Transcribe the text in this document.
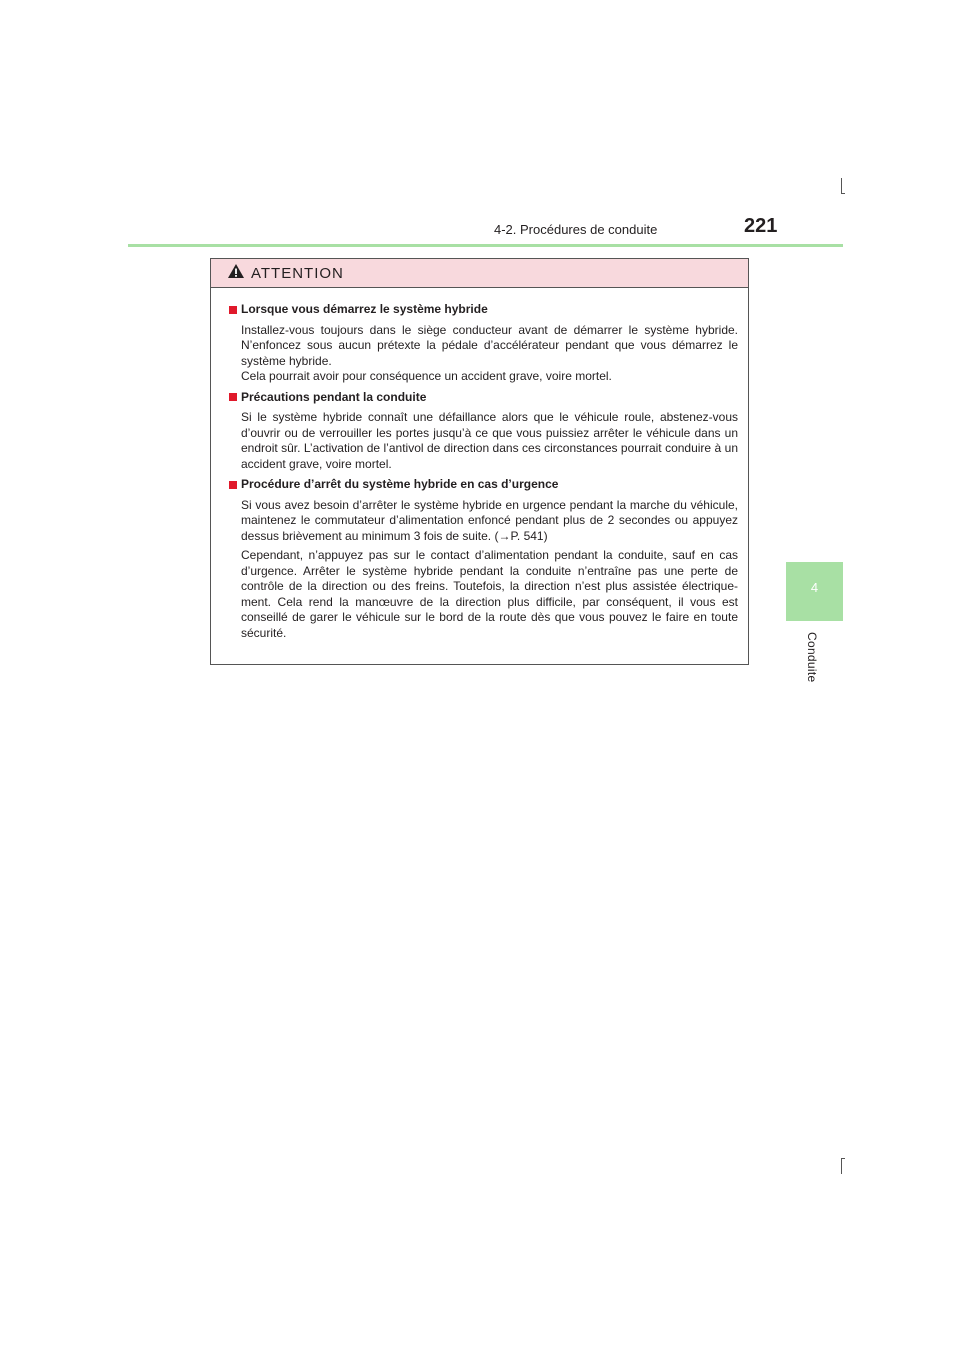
4-2. Procédures de conduite	221
4
Conduite
ATTENTION
Lorsque vous démarrez le système hybride
Installez-vous toujours dans le siège conducteur avant de démarrer le système hybride. N’enfoncez sous aucun prétexte la pédale d’accélérateur pendant que vous démarrez le système hybride.
Cela pourrait avoir pour conséquence un accident grave, voire mortel.
Précautions pendant la conduite
Si le système hybride connaît une défaillance alors que le véhicule roule, abstenez-vous d’ouvrir ou de verrouiller les portes jusqu’à ce que vous puissiez arrêter le véhicule dans un endroit sûr. L’activation de l’antivol de direction dans ces circonstances pourrait conduire à un accident grave, voire mortel.
Procédure d’arrêt du système hybride en cas d’urgence
Si vous avez besoin d’arrêter le système hybride en urgence pendant la marche du véhicule, maintenez le commutateur d’alimentation enfoncé pendant plus de 2 secondes ou appuyez dessus brièvement au minimum 3 fois de suite. (→P. 541)
Cependant, n’appuyez pas sur le contact d’alimentation pendant la conduite, sauf en cas d’urgence. Arrêter le système hybride pendant la conduite n’entraîne pas une perte de contrôle de la direction ou des freins. Toutefois, la direction n’est plus assistée électrique-ment. Cela rend la manœuvre de la direction plus difficile, par conséquent, il vous est conseillé de garer le véhicule sur le bord de la route dès que vous pouvez le faire en toute sécurité.
